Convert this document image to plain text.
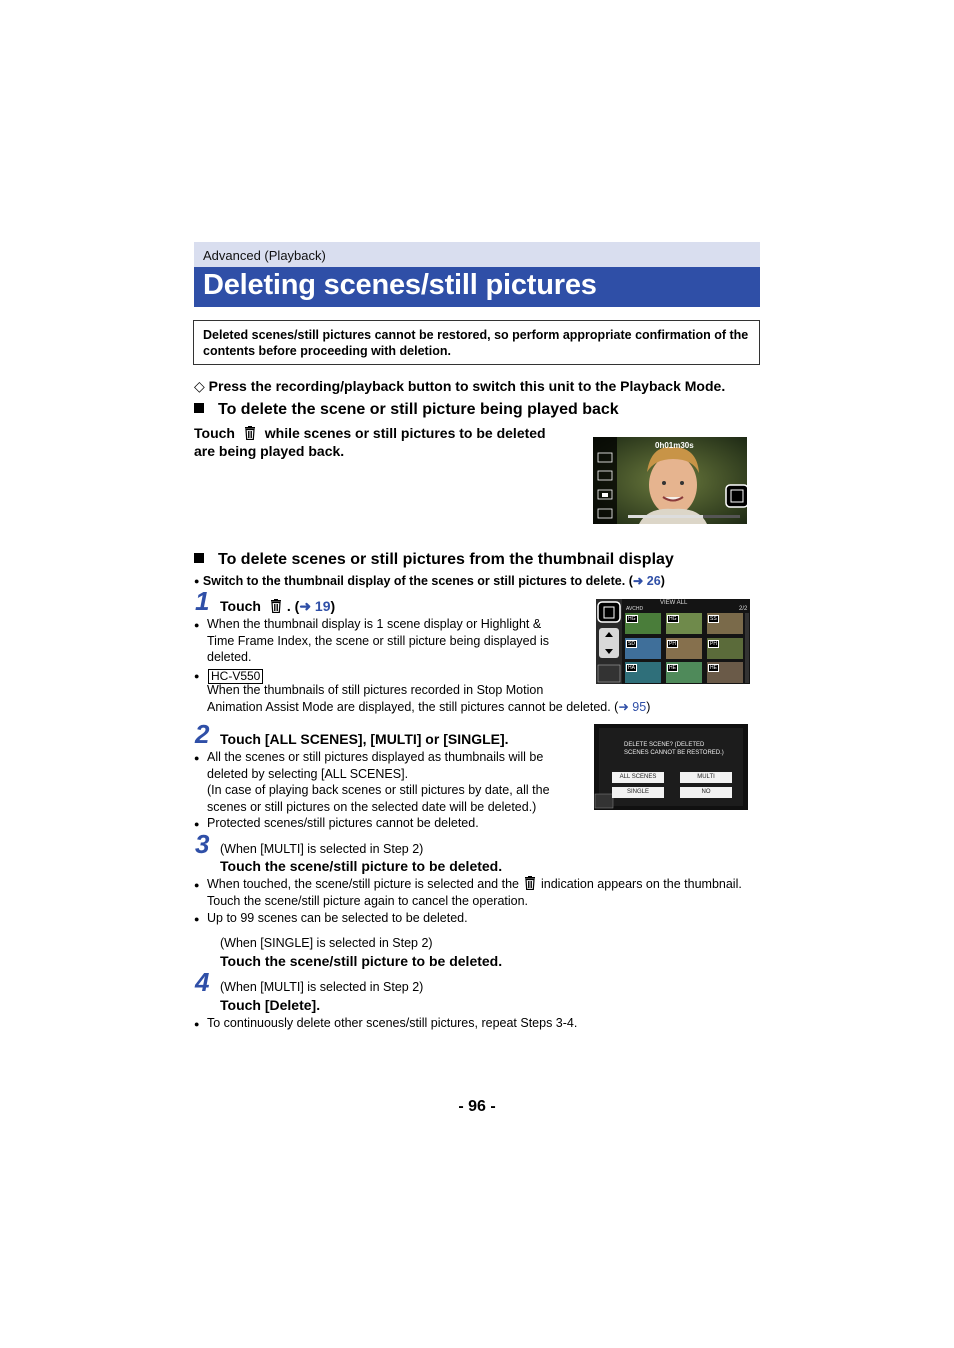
Advanced (Playback)
Deleting scenes/still pictures
Deleted scenes/still pictures cannot be restored, so perform appropriate confirmation of the contents before proceeding with deletion.
◇ Press the recording/playback button to switch this unit to the Playback Mode.
To delete the scene or still picture being played back
Touch while scenes or still pictures to be deleted
are being played back.	0h01m30s
To delete scenes or still pictures from the thumbnail display
● Switch to the thumbnail display of the scenes or still pictures to delete. (➜ 26)
1 Touch . (➜ 19)
● When the thumbnail display is 1 scene display or Highlight &
Time Frame Index, the scene or still picture being displayed is
deleted.
● HC-V550
When the thumbnails of still pictures recorded in Stop Motion
Animation Assist Mode are displayed, the still pictures cannot be deleted. (➜ 95)
AVCHD
VIEW ALL
2/2
HG	HG	SS
SD	PH	PH
HA	HE	HE
2 Touch [ALL SCENES], [MULTI] or [SINGLE].
● All the scenes or still pictures displayed as thumbnails will be
deleted by selecting [ALL SCENES].
(In case of playing back scenes or still pictures by date, all the
scenes or still pictures on the selected date will be deleted.)
● Protected scenes/still pictures cannot be deleted.
DELETE SCENE? (DELETED
SCENES CANNOT BE RESTORED.)
ALL SCENES	MULTI
SINGLE	NO
3 (When [MULTI] is selected in Step 2)
Touch the scene/still picture to be deleted.
● When touched, the scene/still picture is selected and the indication appears on the thumbnail.
Touch the scene/still picture again to cancel the operation.
● Up to 99 scenes can be selected to be deleted.
(When [SINGLE] is selected in Step 2)
Touch the scene/still picture to be deleted.
4 (When [MULTI] is selected in Step 2)
Touch [Delete].
● To continuously delete other scenes/still pictures, repeat Steps 3-4.
- 96 -
